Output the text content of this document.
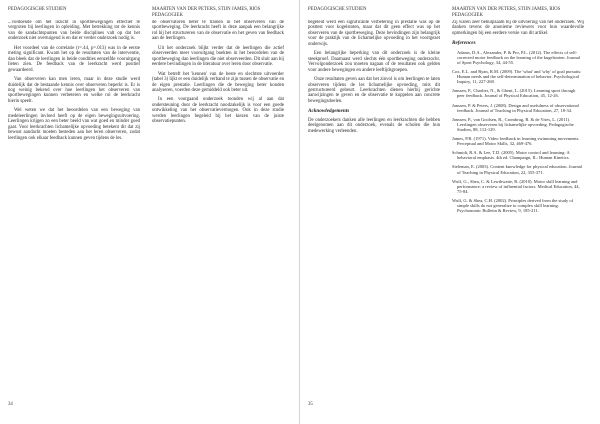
PEDAGOGISCHE STUDIEN	MAARTEN VAN DER PETERS, STIJN JAMES, RIOS PEDAGOGIEK

...voldoende om het inzicht in sportbewegingen effectief te vergroten bij leerlingen in opleiding. Met betrekking tot de kennis van de sandachtspunten van beide disciplines valt op dat het onderzoek niet overtuigend is en dat er verder onderzoek nodig is.

Het voordeel van de correlatie (r=.44, p=.013) was in de eerste meting significant. Kwam het op de resultaten van de interventie, dan bleek dat de leerlingen in beide condities eenzelfde vooruitgang lieten zien. De feedback van de leerkracht werd positief gewaardeerd.

Van observeren kan men leren, maar in deze studie werd duidelijk dat de bestaande kennis over observeren beperkt is. Er is nog weinig bekend over hoe leerlingen het observeren van sportbewegingen kunnen verbeteren en welke rol de leerkracht hierin speelt.

Wel weten we dat het beoordelen van een beweging van medeleerlingen invloed heeft op de eigen bewegingsuitvoering. Leerlingen krijgen zo een beter beeld van wat goed en minder goed gaat. Voor leerkrachten lichamelijke opvoeding betekent dit dat zij bewust aandacht moeten besteden aan het leren observeren, zodat leerlingen ook elkaar feedback kunnen geven tijdens de les.

de observatoren beter te trainen in het observeren van de sportbeweging. De leerkracht heeft in deze aanpak een belangrijke rol bij het structureren van de observatie en het geven van feedback aan de leerlingen.

Uit het onderzoek blijkt verder dat de leerlingen die actief observeerden meer vooruitgang boekten in het beoordelen van de sportbeweging dan leerlingen die niet observeerden. Dit sluit aan bij eerdere bevindingen in de literatuur over leren door observatie.

Wat betreft het 'kennen' van de beste en slechtste uitvoerder (tabel 3) lijkt er een duidelijk verband te zijn tussen de observatie en de eigen prestatie. Leerlingen die de beweging beter konden analyseren, voerden deze gemiddeld ook beter uit.

In een voorgaand onderzoek toonden wij al aan dat ondersteuning door de leerkracht noodzakelijk is voor een goede ontwikkeling van het observatievermogen. Ook in deze studie werden leerlingen begeleid bij het kiezen van de juiste observatiepunten.

34
PEDAGOGISCHE STUDIEN	MAARTEN VAN DER PETERS, STIJN JAMES, RIOS PEDAGOGIEK

begeleid werd een significante verbetering in prestatie was op de posttest voor kogelstoten, maar dat dit geen effect was op het observeren van de sportbeweging. Deze bevindingen zijn belangrijk voor de praktijk van de lichamelijke opvoeding in het voortgezet onderwijs.

Een belangrijke beperking van dit onderzoek is de kleine steekproef. Daarnaast werd slechts één sportbeweging onderzocht. Vervolgonderzoek zou moeten nagaan of de resultaten ook gelden voor andere bewegingen en andere leeftijdsgroepen.

Onze resultaten geven aan dat het zinvol is om leerlingen te laten observeren tijdens de les lichamelijke opvoeding, mits dit gestructureerd gebeurt. Leerkrachten dienen hierbij gerichte aanwijzingen te geven en de observatie te koppelen aan concrete bewegingsdoelen.

Acknowledgements

De onderzoekers danken alle leerlingen en leerkrachten die hebben deelgenomen aan dit onderzoek, evenals de scholen die hun medewerking verleenden.

Zij waren zeer behulpzaam bij de uitvoering van het onderzoek. Wij danken tevens de anonieme reviewers voor hun waardevolle opmerkingen bij een eerdere versie van dit artikel.

References

Adams, D.A., Alexander, P. & Pro, P.L. (2012). The effects of self-corrected motor feedback on the learning of the kugelstoten. Journal of Sport Psychology, 34, 44-55.

Cox, E.L. and Ryan, R.M. (2009). The 'what' and 'why' of goal pursuits: Human needs and the self-determination of behavior. Psychological Inquiry, 11, 227-268.

Janssen, P., Charlier, N., & Ghent, L. (2015). Learning sport through peer feedback. Journal of Physical Education, 45, 12-26.

Janssen, P. & Peters, J. (2008). Design and usefulness of observational feedback. Journal of Teaching in Physical Education, 27, 18-34.

Janssen, P., van Goolsen, R., Crombrug, R. & de Vries, L. (2011). Leerlingen observeren bij lichamelijke opvoeding. Pedagogische Studien, 88, 112-129.

James, P.R. (1971). Video feedback in learning swimming movements. Perceptual and Motor Skills, 32, 469-476.

Schmidt, R.A. & Lee, T.D. (2005). Motor control and learning: A behavioral emphasis. 4th ed. Champaign, IL: Human Kinetics.

Sieleman, E. (2003). Content knowledge for physical education. Journal of Teaching in Physical Education, 22, 355-371.

Wulf, G., Shea, C. & Lewthwaite, R. (2010). Motor skill learning and performance: a review of influential factors. Medical Education, 44, 75-84.

Wulf, G. & Shea, C.H. (2002). Principles derived from the study of simple skills do not generalize to complex skill learning. Psychonomic Bulletin & Review, 9, 185-211.

35
